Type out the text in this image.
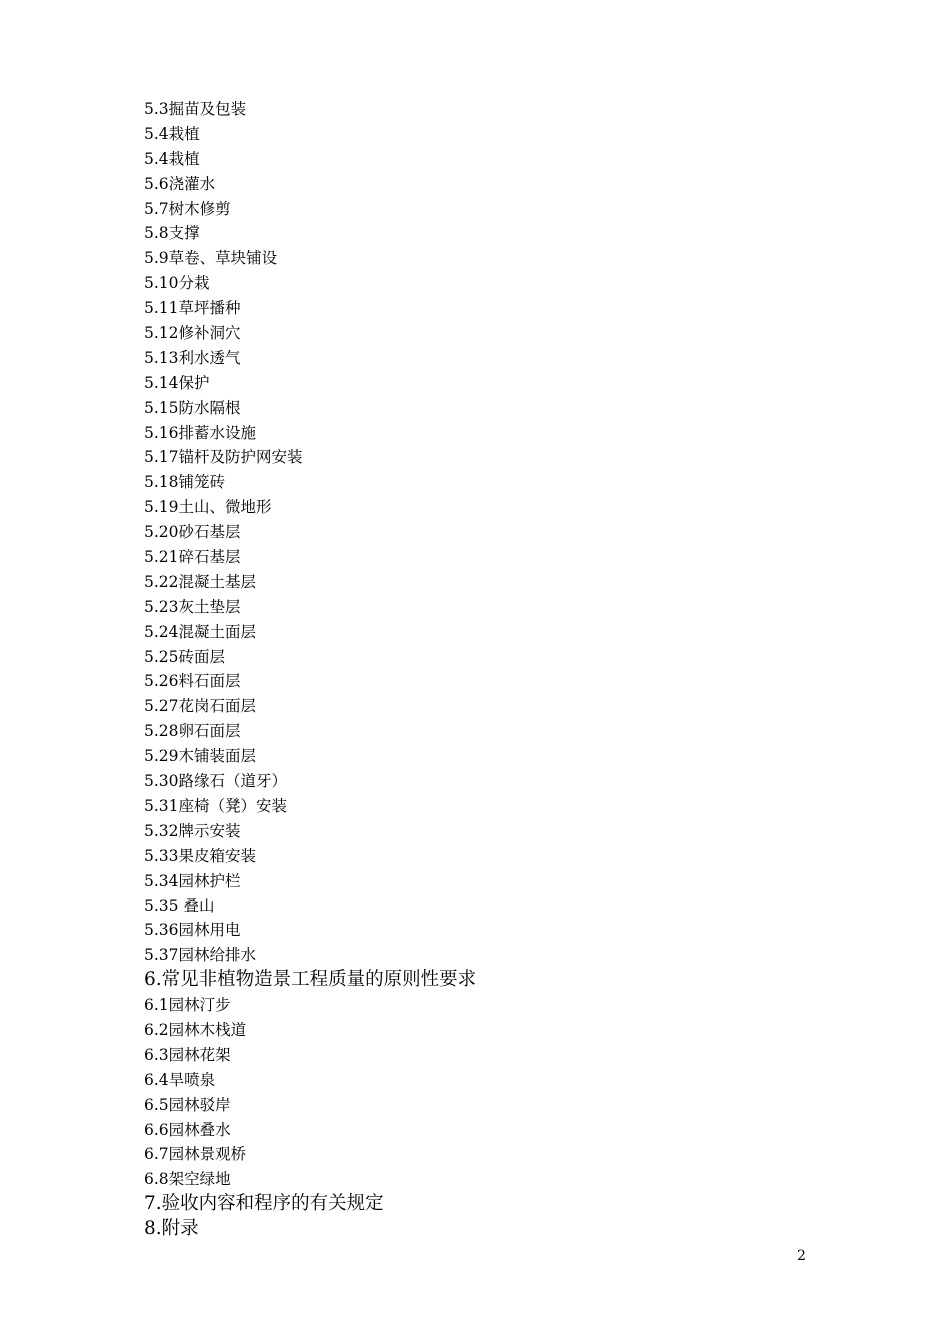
5.3掘苗及包装
5.4栽植
5.4栽植
5.6浇灌水
5.7树木修剪
5.8支撑
5.9草卷、草块铺设
5.10分栽
5.11草坪播种
5.12修补洞穴
5.13利水透气
5.14保护
5.15防水隔根
5.16排蓄水设施
5.17锚杆及防护网安装
5.18铺笼砖
5.19土山、微地形
5.20砂石基层
5.21碎石基层
5.22混凝土基层
5.23灰土垫层
5.24混凝土面层
5.25砖面层
5.26料石面层
5.27花岗石面层
5.28卵石面层
5.29木铺装面层
5.30路缘石（道牙）
5.31座椅（凳）安装
5.32牌示安装
5.33果皮箱安装
5.34园林护栏
5.35 叠山
5.36园林用电
5.37园林给排水
6.常见非植物造景工程质量的原则性要求
6.1园林汀步
6.2园林木栈道
6.3园林花架
6.4旱喷泉
6.5园林驳岸
6.6园林叠水
6.7园林景观桥
6.8架空绿地
7.验收内容和程序的有关规定
8.附录
2
